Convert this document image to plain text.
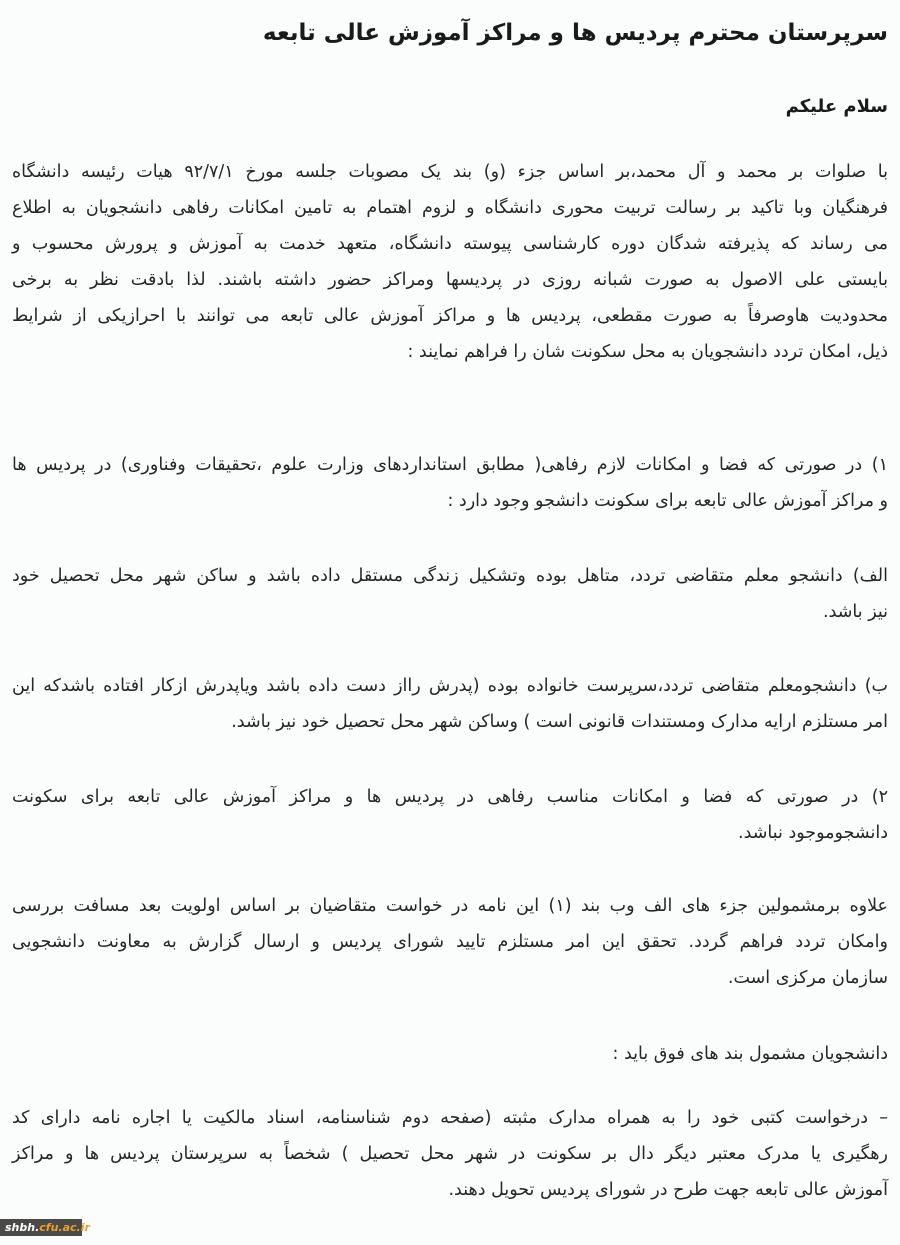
سرپرستان محترم پردیس ها و مراکز آموزش عالی تابعه
سلام علیکم

با صلوات بر محمد و آل محمد،بر اساس جزء (و) بند یک مصوبات جلسه مورخ ۹۲/۷/۱ هیات رئیسه دانشگاه
فرهنگیان وبا تاکید بر رسالت تربیت محوری دانشگاه و لزوم اهتمام به تامین امکانات رفاهی دانشجویان به اطلاع
می رساند که پذیرفته شدگان دوره کارشناسی پیوسته دانشگاه، متعهد خدمت به آموزش و پرورش محسوب و
بایستی علی الاصول به صورت شبانه روزی در پردیسها ومراکز حضور داشته باشند. لذا بادقت نظر به برخی
محدودیت هاوصرفاً به صورت مقطعی، پردیس ها و مراکز آموزش عالی تابعه می توانند با احرازیکی از شرایط
ذیل، امکان تردد دانشجویان به محل سکونت شان را فراهم نمایند :

۱) در صورتی که فضا و امکانات لازم رفاهی( مطابق استانداردهای وزارت علوم ،تحقیقات وفناوری) در پردیس ها
و مراکز آموزش عالی تابعه برای سکونت دانشجو وجود دارد :

الف) دانشجو معلم متقاضی تردد، متاهل بوده وتشکیل زندگی مستقل داده باشد و ساکن شهر محل تحصیل خود
نیز باشد.

ب) دانشجومعلم متقاضی تردد،سرپرست خانواده بوده (پدرش رااز دست داده باشد ویاپدرش ازکار افتاده باشدکه این
امر مستلزم ارایه مدارک ومستندات قانونی است ) وساکن شهر محل تحصیل خود نیز باشد.

۲) در صورتی که فضا و امکانات مناسب رفاهی در پردیس ها و مراکز آموزش عالی تابعه برای سکونت
دانشجوموجود نباشد.

علاوه برمشمولین جزء های الف وب بند (۱) این نامه در خواست متقاضیان بر اساس اولویت بعد مسافت بررسی
وامکان تردد فراهم گردد. تحقق این امر مستلزم تایید شورای پردیس و ارسال گزارش به معاونت دانشجویی
سازمان مرکزی است.

دانشجویان مشمول بند های فوق باید :

– درخواست کتبی خود را به همراه مدارک مثبته (صفحه دوم شناسنامه، اسناد مالکیت یا اجاره نامه دارای کد
رهگیری یا مدرک معتبر دیگر دال بر سکونت در شهر محل تحصیل ) شخصاً به سرپرستان پردیس ها و مراکز
آموزش عالی تابعه جهت طرح در شورای پردیس تحویل دهند.

shbh.cfu.ac.ir
